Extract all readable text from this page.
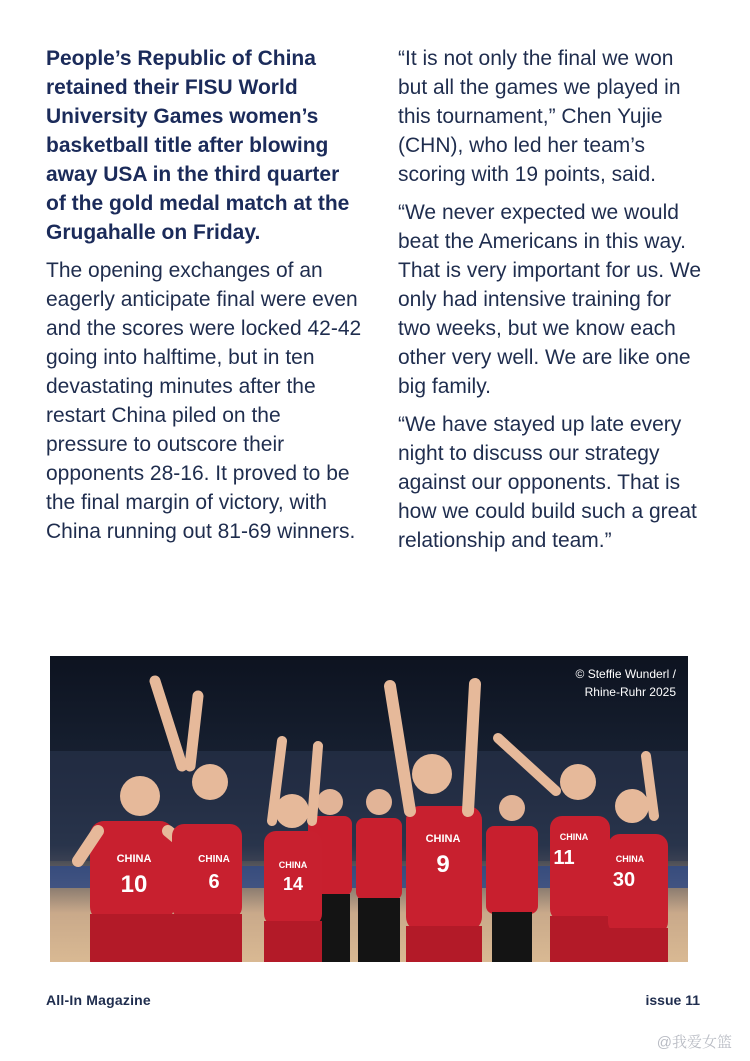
People’s Republic of China retained their FISU World University Games women’s basketball title after blowing away USA in the third quarter of the gold medal match at the Grugahalle on Friday.

The opening exchanges of an eagerly anticipate final were even and the scores were locked 42-42 going into halftime, but in ten devastating minutes after the restart China piled on the pressure to outscore their opponents 28-16. It proved to be the final margin of victory, with China running out 81-69 winners.

“It is not only the final we won but all the games we played in this tournament,” Chen Yujie (CHN), who led her team’s scoring with 19 points, said.

“We never expected we would beat the Americans in this way. That is very important for us. We only had intensive training for two weeks, but we know each other very well. We are like one big family.

“We have stayed up late every night to discuss our strategy against our opponents. That is how we could build such a great relationship and team.”

CHINA
10
CHINA
6
CHINA
14
CHINA
9
CHINA
11	CHINA
30
© Steffie Wunderl /
Rhine-Ruhr 2025
All-In Magazine	issue 11
@我爱女篮
